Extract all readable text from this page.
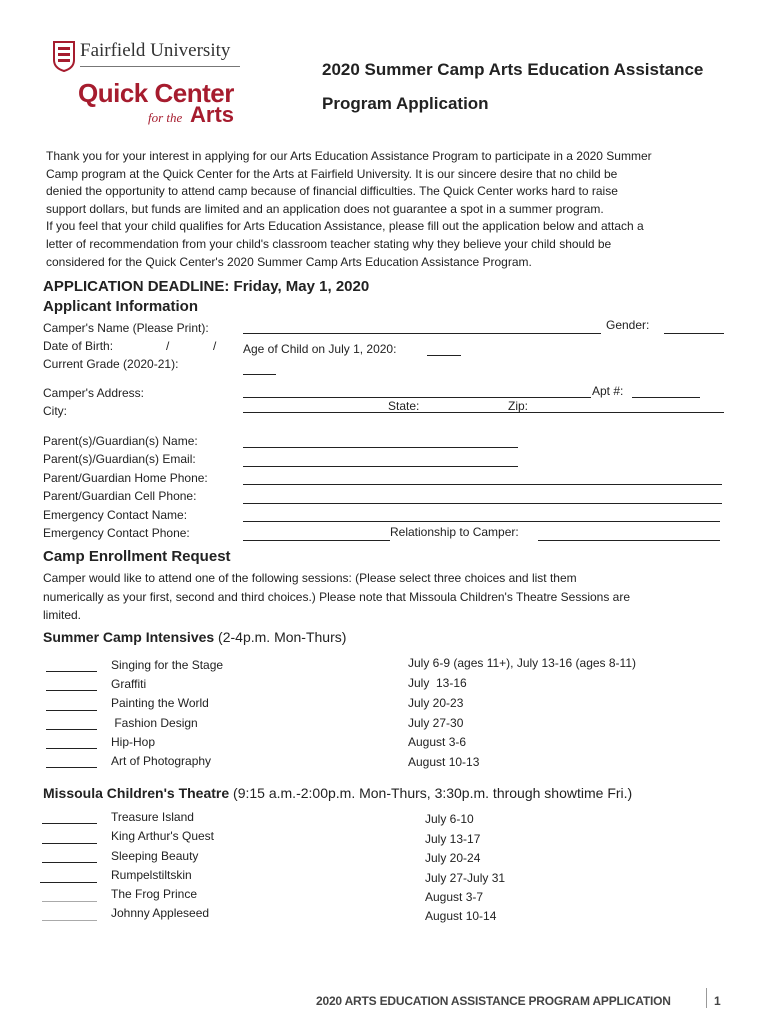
Fairfield University
Quick Center
for the Arts
2020 Summer Camp Arts Education Assistance
Program Application
Thank you for your interest in applying for our Arts Education Assistance Program to participate in a 2020 Summer
Camp program at the Quick Center for the Arts at Fairfield University. It is our sincere desire that no child be
denied the opportunity to attend camp because of financial difficulties. The Quick Center works hard to raise
support dollars, but funds are limited and an application does not guarantee a spot in a summer program.
If you feel that your child qualifies for Arts Education Assistance, please fill out the application below and attach a
letter of recommendation from your child's classroom teacher stating why they believe your child should be
considered for the Quick Center's 2020 Summer Camp Arts Education Assistance Program.
APPLICATION DEADLINE: Friday, May 1, 2020
Applicant Information
Camper's Name (Please Print):	Gender:
Date of Birth:	/	/ Age of Child on July 1, 2020:
Current Grade (2020-21):
Camper's Address:	Apt #:
City:	State:	Zip:
Parent(s)/Guardian(s) Name:
Parent(s)/Guardian(s) Email:
Parent/Guardian Home Phone:
Parent/Guardian Cell Phone:
Emergency Contact Name:
Emergency Contact Phone:	Relationship to Camper:
Camp Enrollment Request
Camper would like to attend one of the following sessions: (Please select three choices and list them
numerically as your first, second and third choices.) Please note that Missoula Children's Theatre Sessions are
limited.
Summer Camp Intensives (2-4p.m. Mon-Thurs)
Singing for the Stage	July 6-9 (ages 11+), July 13-16 (ages 8-11)
Graffiti	July  13-16
Painting the World	July 20-23
Fashion Design	July 27-30
Hip-Hop	August 3-6
Art of Photography	August 10-13
Missoula Children's Theatre (9:15 a.m.-2:00p.m. Mon-Thurs, 3:30p.m. through showtime Fri.)
Treasure Island	July 6-10
King Arthur's Quest	July 13-17
Sleeping Beauty	July 20-24
Rumpelstiltskin	July 27-July 31
The Frog Prince	August 3-7
Johnny Appleseed	August 10-14
2020 ARTS EDUCATION ASSISTANCE PROGRAM APPLICATION	1
